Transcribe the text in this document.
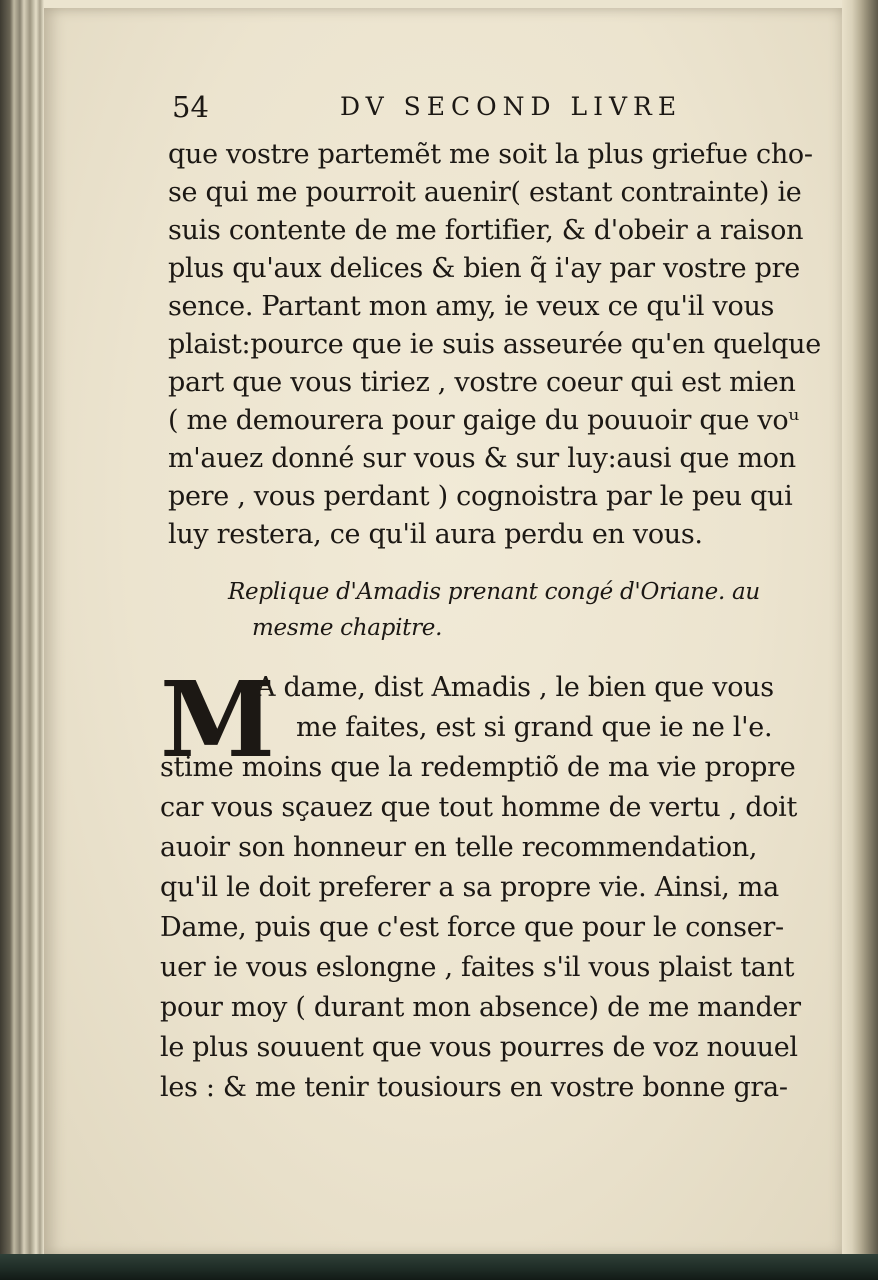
54	DV SECOND LIVRE
que vostre partemẽt me soit la plus griefue cho-
se qui me pourroit auenir( estant contrainte) ie
suis contente de me fortifier, & d'obeir a raison
plus qu'aux delices & bien q̃ i'ay par vostre pre
sence. Partant mon amy, ie veux ce qu'il vous
plaist:pource que ie suis asseurée qu'en quelque
part que vous tiriez , vostre coeur qui est mien
( me demourera pour gaige du pouuoir que voᵘ
m'auez donné sur vous & sur luy:ausi que mon
pere , vous perdant ) cognoistra par le peu qui
luy restera, ce qu'il aura perdu en vous.
Replique d'Amadis prenant congé d'Oriane. au
mesme chapitre.
M
A dame, dist Amadis , le bien que vous
me faites, est si grand que ie ne l'e.
stime moins que la redemptiõ de ma vie propre
car vous sçauez que tout homme de vertu , doit
auoir son honneur en telle recommendation,
qu'il le doit preferer a sa propre vie. Ainsi, ma
Dame, puis que c'est force que pour le conser-
uer ie vous eslongne , faites s'il vous plaist tant
pour moy ( durant mon absence) de me mander
le plus souuent que vous pourres de voz nouuel
les : & me tenir tousiours en vostre bonne gra-
